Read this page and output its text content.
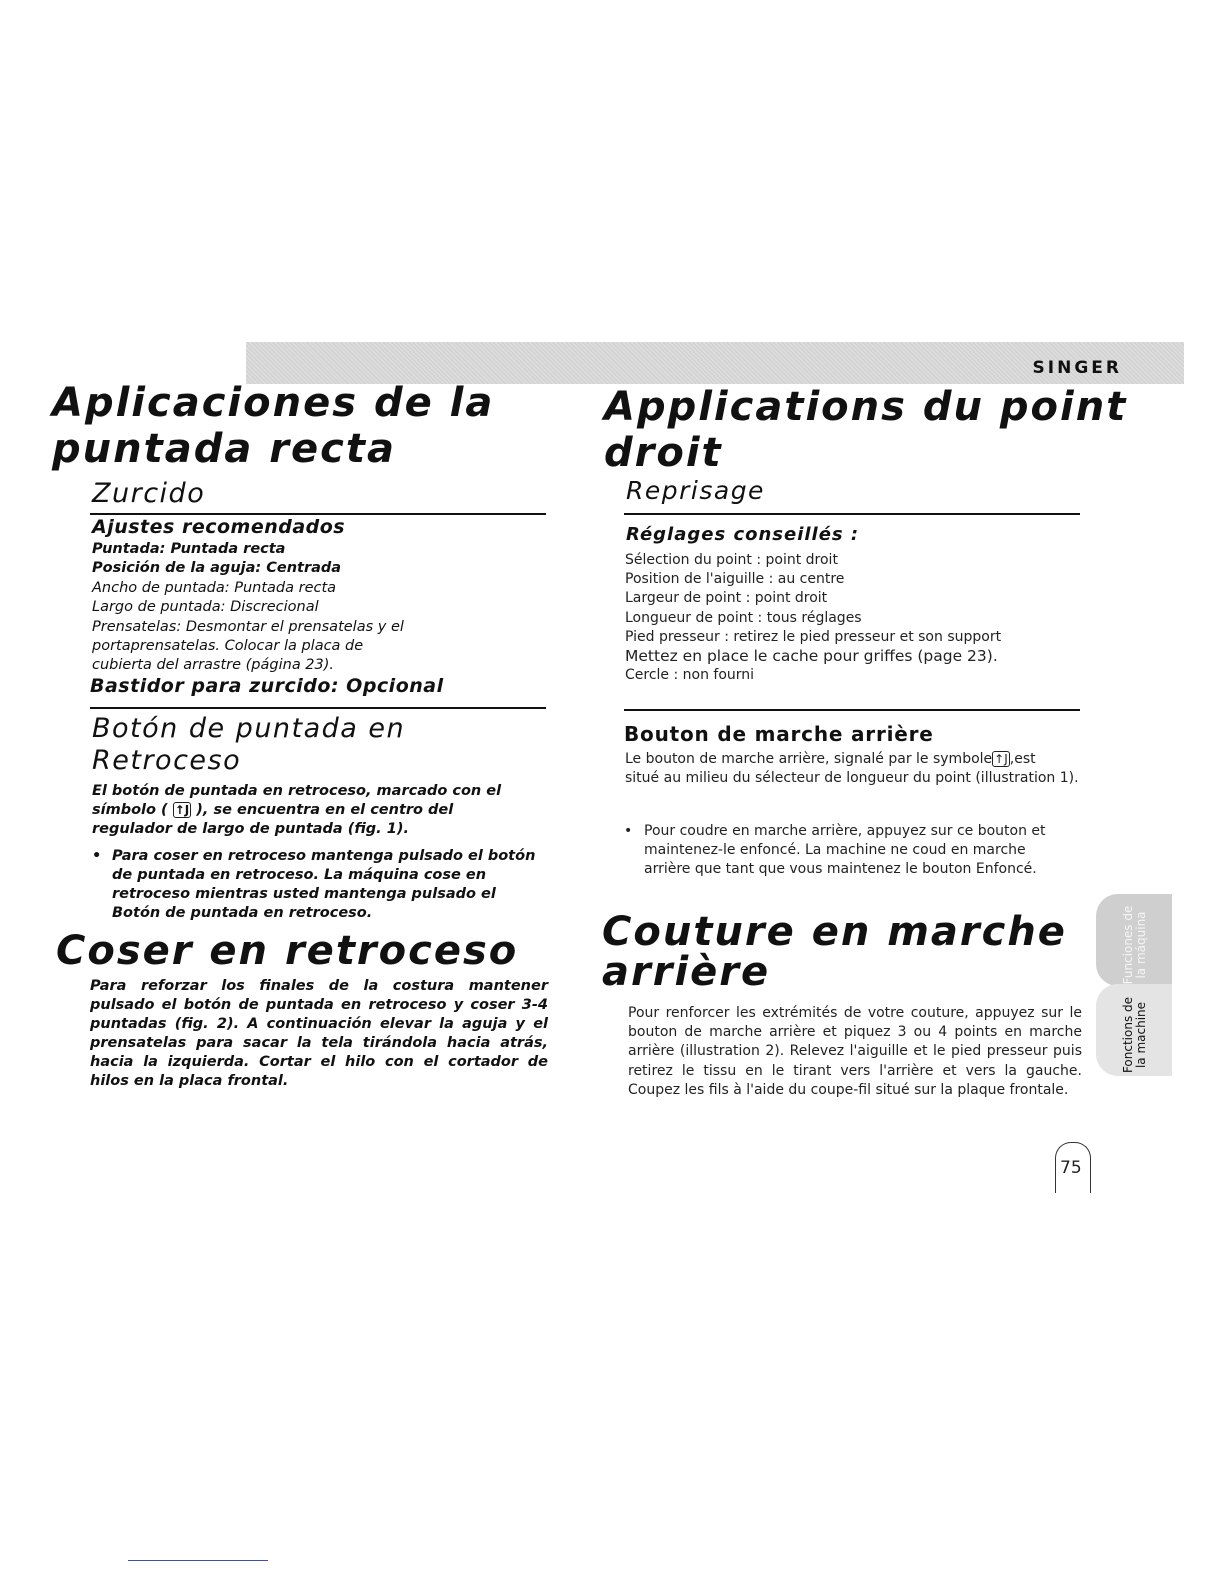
SINGER
Aplicaciones de la
puntada recta
Zurcido
Ajustes recomendados
Puntada: Puntada recta
Posición de la aguja: Centrada
Ancho de puntada: Puntada recta
Largo de puntada: Discrecional
Prensatelas: Desmontar el prensatelas y el
portaprensatelas. Colocar la placa de
cubierta del arrastre (página 23).
Bastidor para zurcido: Opcional
Botón de puntada en
Retroceso
El botón de puntada en retroceso, marcado con el
símbolo ( ↑J ), se encuentra en el centro del
regulador de largo de puntada (fig. 1).
• Para coser en retroceso mantenga pulsado el botón
de puntada en retroceso. La máquina cose en
retroceso mientras usted mantenga pulsado el
Botón de puntada en retroceso.
Coser en retroceso
Para reforzar los finales de la costura mantener pulsado el botón de puntada en retroceso y coser 3-4 puntadas (fig. 2). A continuación elevar la aguja y el prensatelas para sacar la tela tirándola hacia atrás, hacia la izquierda. Cortar el hilo con el cortador de hilos en la placa frontal.
Applications du point
droit
Reprisage
Réglages conseillés :
Sélection du point : point droit
Position de l'aiguille : au centre
Largeur de point : point droit
Longueur de point : tous réglages
Pied presseur : retirez le pied presseur et son support
Mettez en place le cache pour griffes (page 23).
Cercle : non fourni
Bouton de marche arrière
Le bouton de marche arrière, signalé par le symbole ↑J ,est
situé au milieu du sélecteur de longueur du point (illustration 1).
• Pour coudre en marche arrière, appuyez sur ce bouton et maintenez-le enfoncé. La machine ne coud en marche arrière que tant que vous maintenez le bouton Enfoncé.
Couture en marche
arrière
Pour renforcer les extrémités de votre couture, appuyez sur le bouton de marche arrière et piquez 3 ou 4 points en marche arrière (illustration 2). Relevez l'aiguille et le pied presseur puis retirez le tissu en le tirant vers l'arrière et vers la gauche. Coupez les fils à l'aide du coupe-fil situé sur la plaque frontale.
Funciones de la máquina
Fonctions de la machine
75
